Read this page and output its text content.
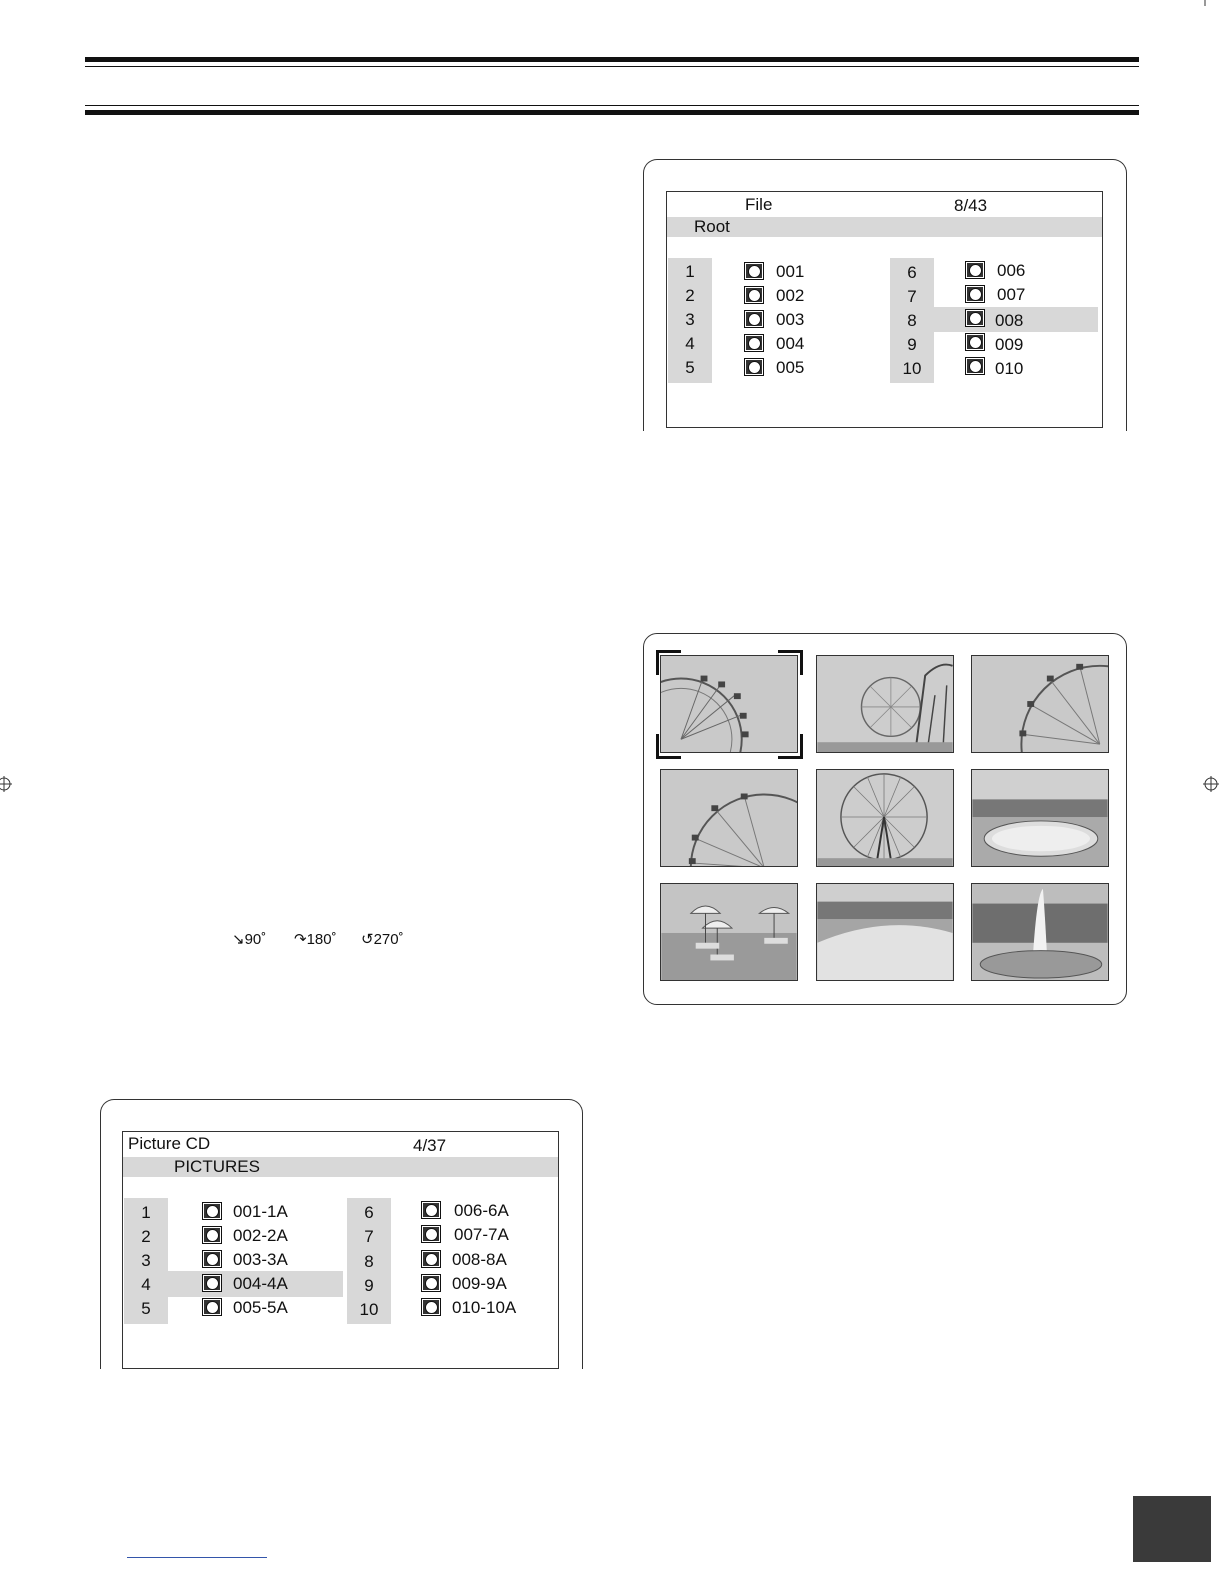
File	8/43
Root
1	001
2	002
3	003
4	004
5	005
6	006
7	007
8	008
9	009
10	010
↘90˚ ↷180˚ ↺270˚
Picture CD	4/37
PICTURES
1	001-1A
2	002-2A
3	003-3A
4	004-4A
5	005-5A
6	006-6A
7	007-7A
8	008-8A
9	009-9A
10	010-10A
